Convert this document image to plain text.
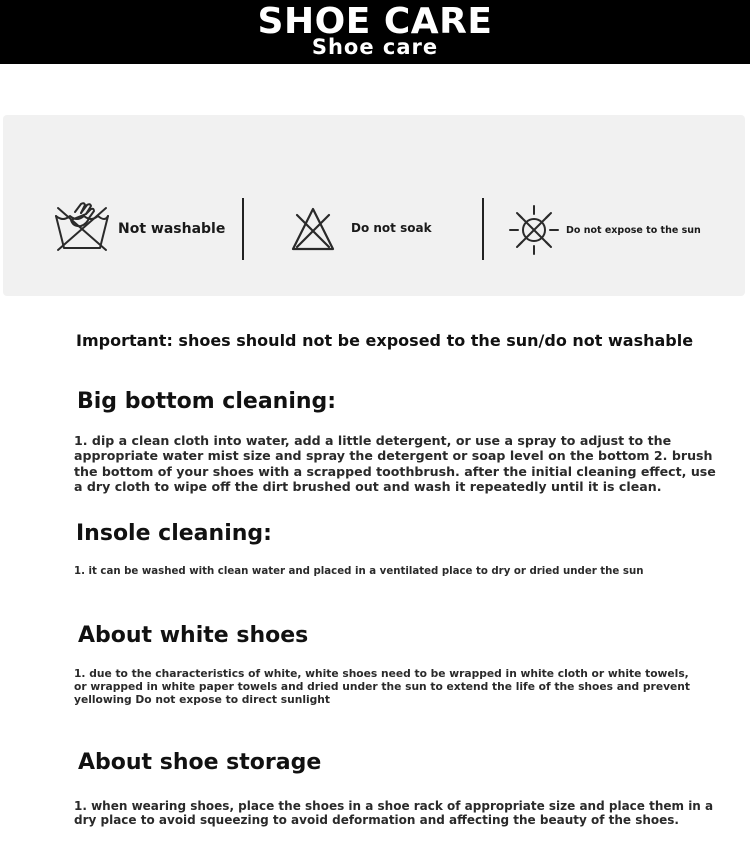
SHOE CARE
Shoe care
Not washable	Do not soak	Do not expose to the sun
Important: shoes should not be exposed to the sun/do not washable
Big bottom cleaning:
1. dip a clean cloth into water, add a little detergent, or use a spray to adjust to the
appropriate water mist size and spray the detergent or soap level on the bottom 2. brush
the bottom of your shoes with a scrapped toothbrush. after the initial cleaning effect, use
a dry cloth to wipe off the dirt brushed out and wash it repeatedly until it is clean.
Insole cleaning:
1. it can be washed with clean water and placed in a ventilated place to dry or dried under the sun
About white shoes
1. due to the characteristics of white, white shoes need to be wrapped in white cloth or white towels,
or wrapped in white paper towels and dried under the sun to extend the life of the shoes and prevent
yellowing Do not expose to direct sunlight
About shoe storage
1. when wearing shoes, place the shoes in a shoe rack of appropriate size and place them in a
dry place to avoid squeezing to avoid deformation and affecting the beauty of the shoes.
